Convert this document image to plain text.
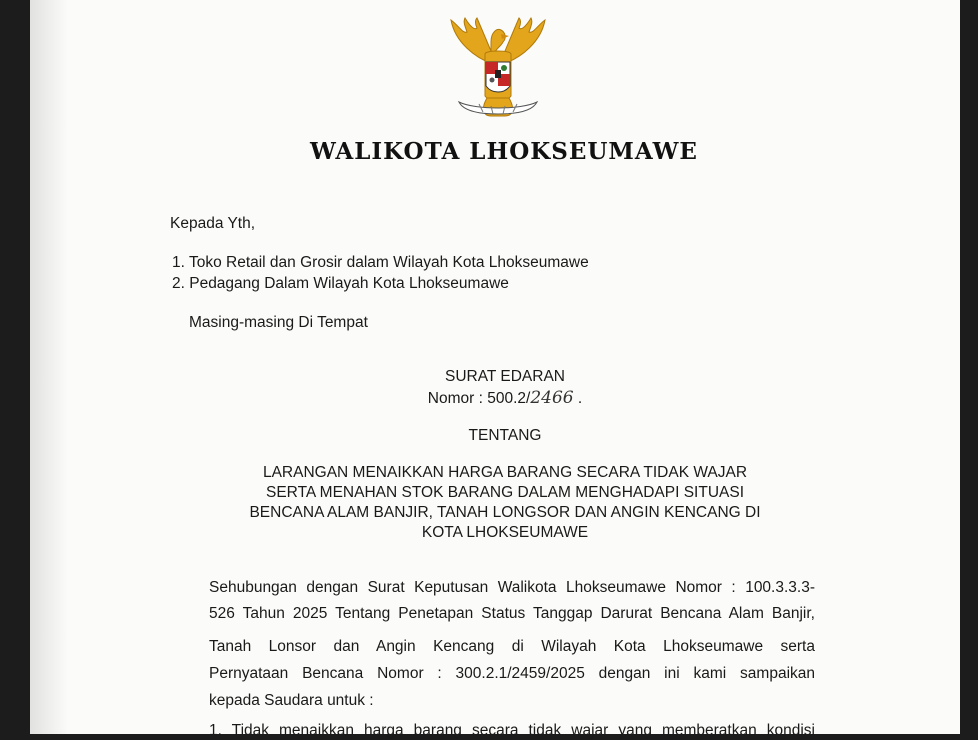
WALIKOTA LHOKSEUMAWE
Kepada Yth,
1. Toko Retail dan Grosir dalam Wilayah Kota Lhokseumawe
2. Pedagang Dalam Wilayah Kota Lhokseumawe
Masing-masing Di Tempat
SURAT EDARAN
Nomor : 500.2/2466 .
TENTANG
LARANGAN MENAIKKAN HARGA BARANG SECARA TIDAK WAJAR
SERTA MENAHAN STOK BARANG DALAM MENGHADAPI SITUASI
BENCANA ALAM BANJIR, TANAH LONGSOR DAN ANGIN KENCANG DI
KOTA LHOKSEUMAWE
Sehubungan dengan Surat Keputusan Walikota Lhokseumawe Nomor : 100.3.3.3-
526 Tahun 2025 Tentang Penetapan Status Tanggap Darurat Bencana Alam Banjir,
Tanah Lonsor dan Angin Kencang di Wilayah Kota Lhokseumawe serta
Pernyataan Bencana Nomor : 300.2.1/2459/2025 dengan ini kami sampaikan
kepada Saudara untuk :
1. Tidak menaikkan harga barang secara tidak wajar yang memberatkan kondisi
